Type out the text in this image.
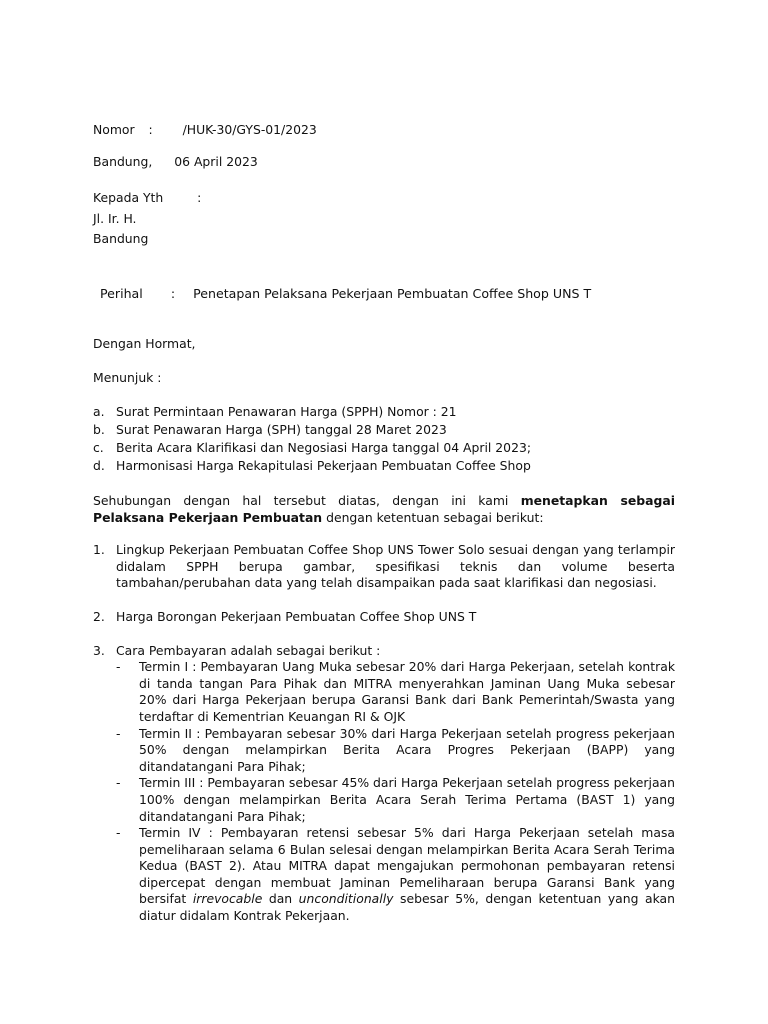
Nomor : /HUK-30/GYS-01/2023
Bandung, 06 April 2023
Kepada Yth	:
Jl. Ir. H.
Bandung
Perihal : Penetapan Pelaksana Pekerjaan Pembuatan Coffee Shop UNS T
Dengan Hormat,
Menunjuk :
a. Surat Permintaan Penawaran Harga (SPPH) Nomor : 21
b. Surat Penawaran Harga (SPH) tanggal 28 Maret 2023
c. Berita Acara Klarifikasi dan Negosiasi Harga tanggal 04 April 2023;
d. Harmonisasi Harga Rekapitulasi Pekerjaan Pembuatan Coffee Shop
Sehubungan dengan hal tersebut diatas, dengan ini kami menetapkan sebagai Pelaksana Pekerjaan Pembuatan dengan ketentuan sebagai berikut:
1. Lingkup Pekerjaan Pembuatan Coffee Shop UNS Tower Solo sesuai dengan yang terlampir didalam SPPH berupa gambar, spesifikasi teknis dan volume beserta tambahan/perubahan data yang telah disampaikan pada saat klarifikasi dan negosiasi.
2. Harga Borongan Pekerjaan Pembuatan Coffee Shop UNS T
3. Cara Pembayaran adalah sebagai berikut :
-	Termin I : Pembayaran Uang Muka sebesar 20% dari Harga Pekerjaan, setelah kontrak di tanda tangan Para Pihak dan MITRA menyerahkan Jaminan Uang Muka sebesar 20% dari Harga Pekerjaan berupa Garansi Bank dari Bank Pemerintah/Swasta yang terdaftar di Kementrian Keuangan RI & OJK
-	Termin II : Pembayaran sebesar 30% dari Harga Pekerjaan setelah progress pekerjaan 50% dengan melampirkan Berita Acara Progres Pekerjaan (BAPP) yang ditandatangani Para Pihak;
-	Termin III : Pembayaran sebesar 45% dari Harga Pekerjaan setelah progress pekerjaan 100% dengan melampirkan Berita Acara Serah Terima Pertama (BAST 1) yang ditandatangani Para Pihak;
-	Termin IV : Pembayaran retensi sebesar 5% dari Harga Pekerjaan setelah masa pemeliharaan selama 6 Bulan selesai dengan melampirkan Berita Acara Serah Terima Kedua (BAST 2). Atau MITRA dapat mengajukan permohonan pembayaran retensi dipercepat dengan membuat Jaminan Pemeliharaan berupa Garansi Bank yang bersifat irrevocable dan unconditionally sebesar 5%, dengan ketentuan yang akan diatur didalam Kontrak Pekerjaan.
